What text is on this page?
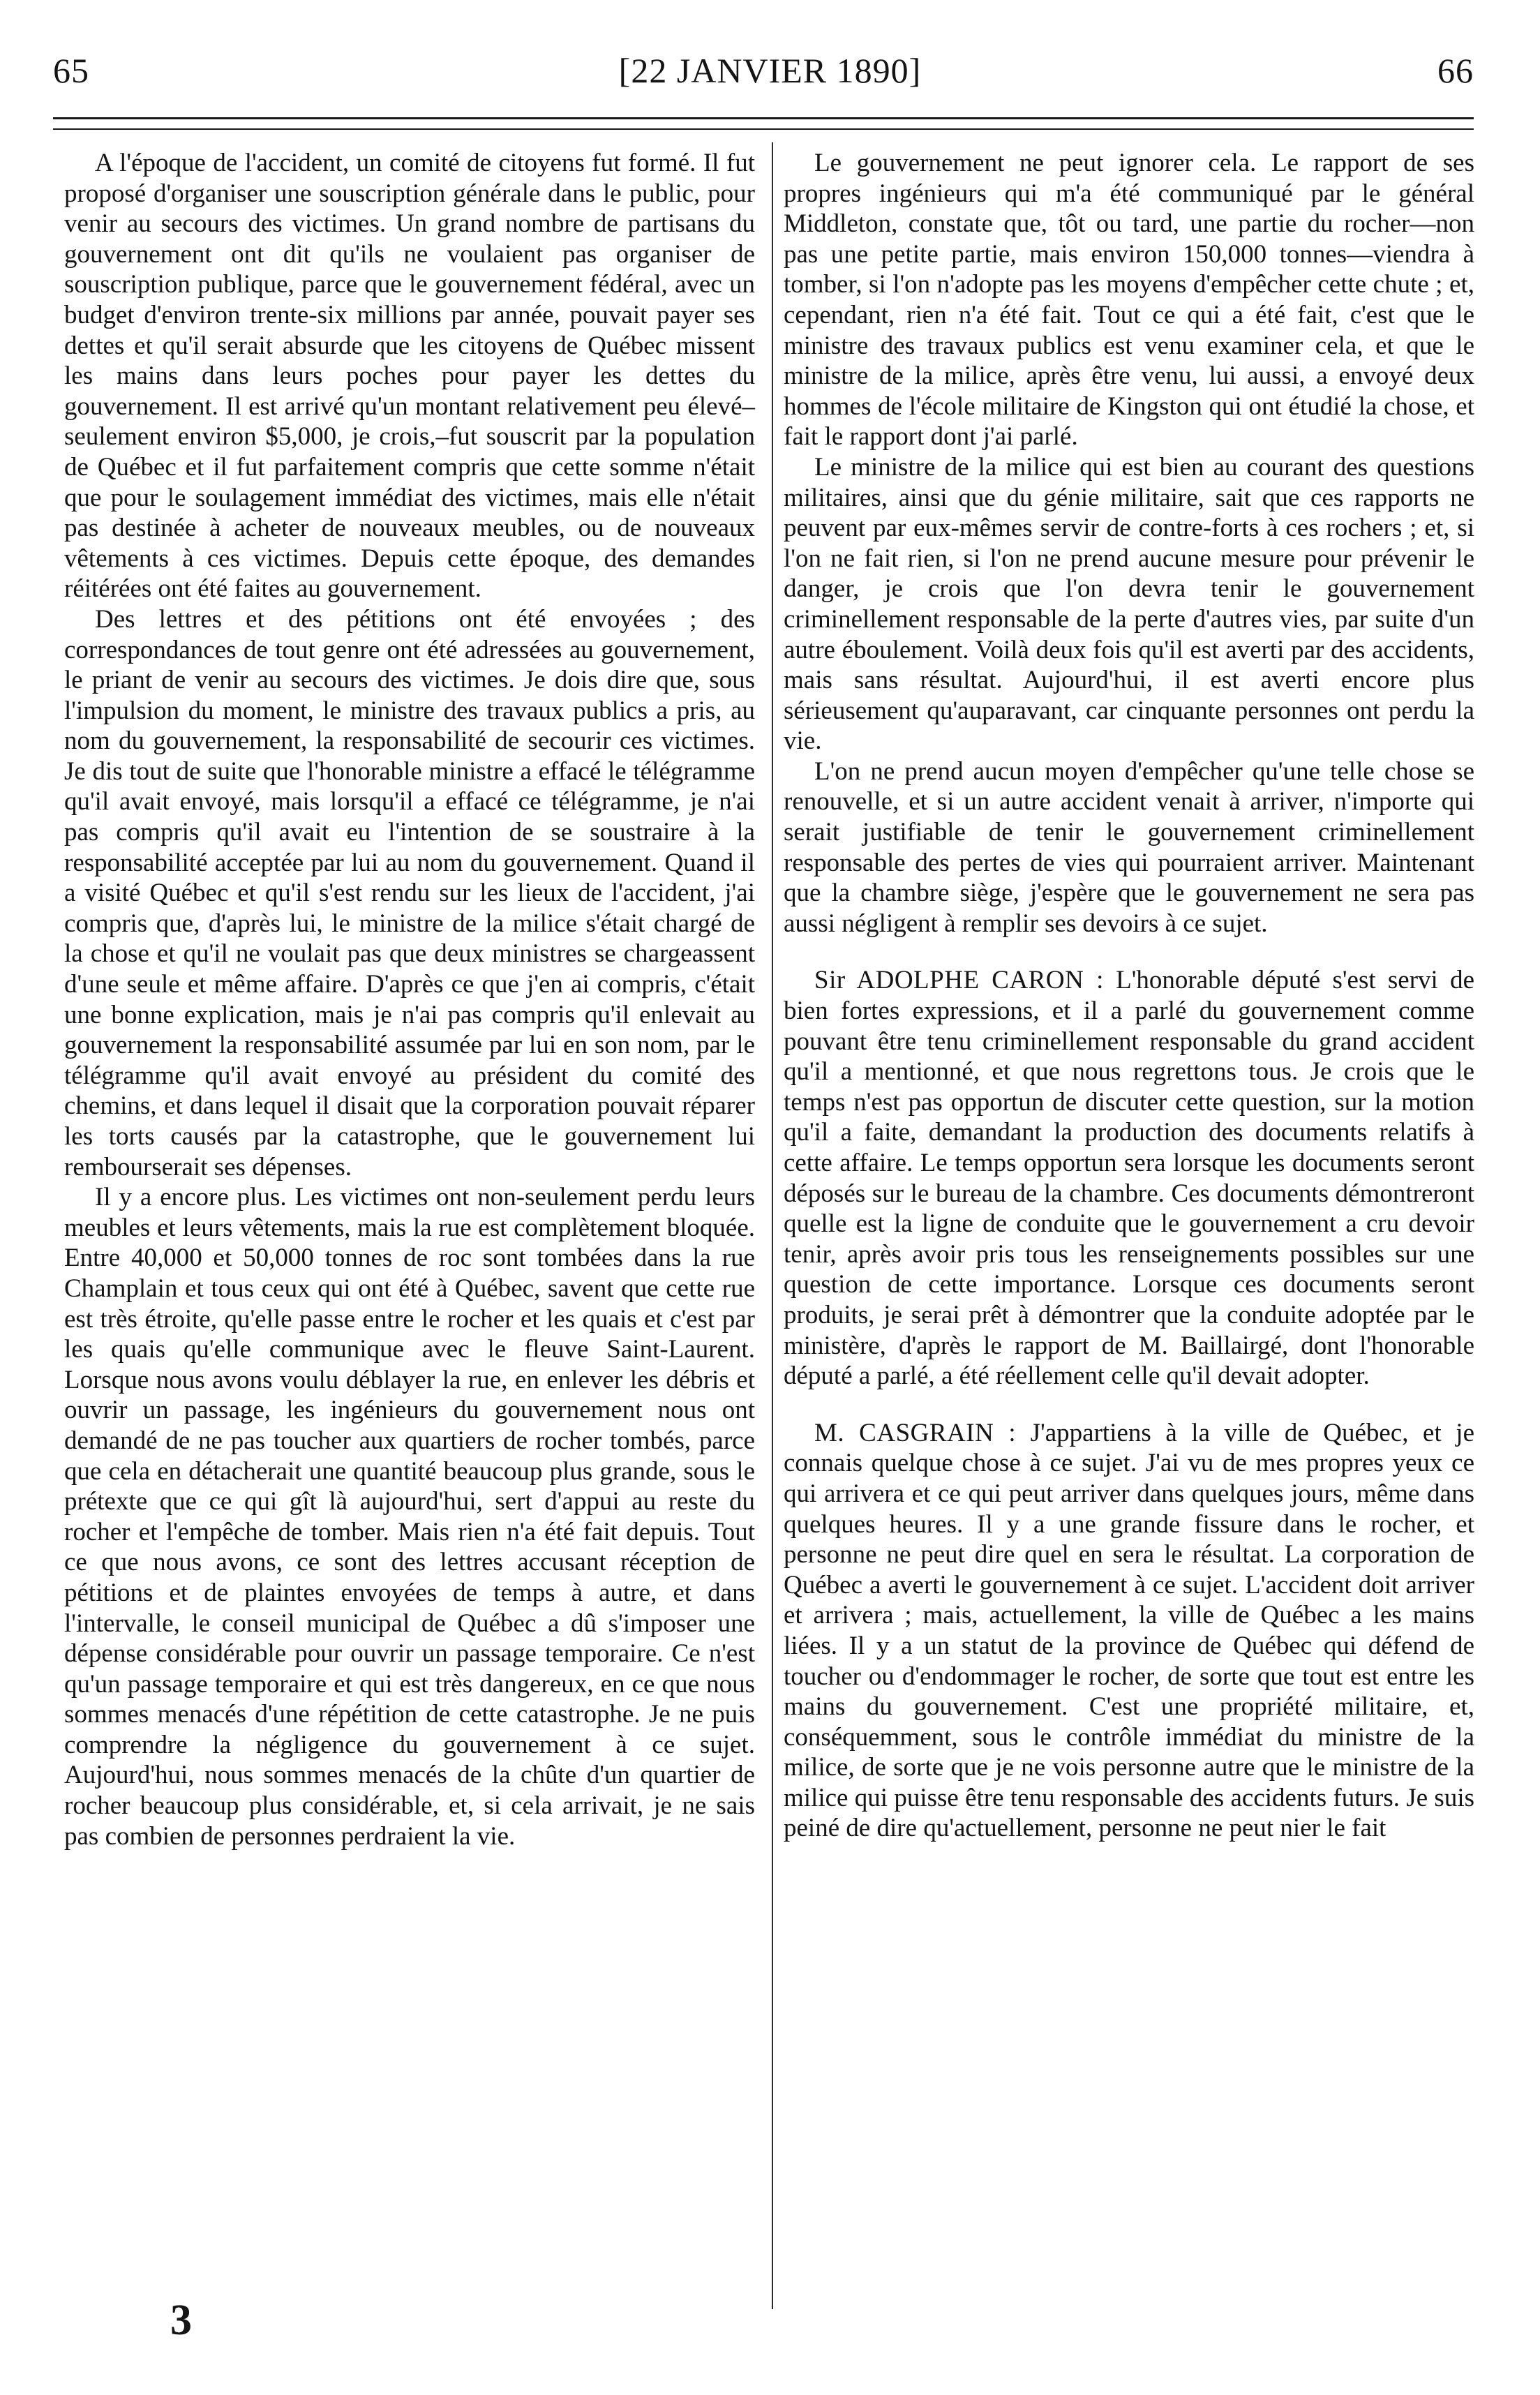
65	[22 JANVIER 1890]	66

A l'époque de l'accident, un comité de citoyens fut formé. Il fut proposé d'organiser une souscription générale dans le public, pour venir au secours des victimes. Un grand nombre de partisans du gouvernement ont dit qu'ils ne voulaient pas organiser de souscription publique, parce que le gouvernement fédéral, avec un budget d'environ trente-six millions par année, pouvait payer ses dettes et qu'il serait absurde que les citoyens de Québec missent les mains dans leurs poches pour payer les dettes du gouvernement. Il est arrivé qu'un montant relativement peu élevé–seulement environ $5,000, je crois,–fut souscrit par la population de Québec et il fut parfaitement compris que cette somme n'était que pour le soulagement immédiat des victimes, mais elle n'était pas destinée à acheter de nouveaux meubles, ou de nouveaux vêtements à ces victimes. Depuis cette époque, des demandes réitérées ont été faites au gouvernement.

Des lettres et des pétitions ont été envoyées ; des correspondances de tout genre ont été adressées au gouvernement, le priant de venir au secours des victimes. Je dois dire que, sous l'impulsion du moment, le ministre des travaux publics a pris, au nom du gouvernement, la responsabilité de secourir ces victimes. Je dis tout de suite que l'honorable ministre a effacé le télégramme qu'il avait envoyé, mais lorsqu'il a effacé ce télégramme, je n'ai pas compris qu'il avait eu l'intention de se soustraire à la responsabilité acceptée par lui au nom du gouvernement. Quand il a visité Québec et qu'il s'est rendu sur les lieux de l'accident, j'ai compris que, d'après lui, le ministre de la milice s'était chargé de la chose et qu'il ne voulait pas que deux ministres se chargeassent d'une seule et même affaire. D'après ce que j'en ai compris, c'était une bonne explication, mais je n'ai pas compris qu'il enlevait au gouvernement la responsabilité assumée par lui en son nom, par le télégramme qu'il avait envoyé au président du comité des chemins, et dans lequel il disait que la corporation pouvait réparer les torts causés par la catastrophe, que le gouvernement lui rembourserait ses dépenses.

Il y a encore plus. Les victimes ont non-seulement perdu leurs meubles et leurs vêtements, mais la rue est complètement bloquée. Entre 40,000 et 50,000 tonnes de roc sont tombées dans la rue Champlain et tous ceux qui ont été à Québec, savent que cette rue est très étroite, qu'elle passe entre le rocher et les quais et c'est par les quais qu'elle communique avec le fleuve Saint-Laurent. Lorsque nous avons voulu déblayer la rue, en enlever les débris et ouvrir un passage, les ingénieurs du gouvernement nous ont demandé de ne pas toucher aux quartiers de rocher tombés, parce que cela en détacherait une quantité beaucoup plus grande, sous le prétexte que ce qui gît là aujourd'hui, sert d'appui au reste du rocher et l'empêche de tomber. Mais rien n'a été fait depuis. Tout ce que nous avons, ce sont des lettres accusant réception de pétitions et de plaintes envoyées de temps à autre, et dans l'intervalle, le conseil municipal de Québec a dû s'imposer une dépense considérable pour ouvrir un passage temporaire. Ce n'est qu'un passage temporaire et qui est très dangereux, en ce que nous sommes menacés d'une répétition de cette catastrophe. Je ne puis comprendre la négligence du gouvernement à ce sujet. Aujourd'hui, nous sommes menacés de la chûte d'un quartier de rocher beaucoup plus considérable, et, si cela arrivait, je ne sais pas combien de personnes perdraient la vie.

Le gouvernement ne peut ignorer cela. Le rapport de ses propres ingénieurs qui m'a été communiqué par le général Middleton, constate que, tôt ou tard, une partie du rocher—non pas une petite partie, mais environ 150,000 tonnes—viendra à tomber, si l'on n'adopte pas les moyens d'empêcher cette chute ; et, cependant, rien n'a été fait. Tout ce qui a été fait, c'est que le ministre des travaux publics est venu examiner cela, et que le ministre de la milice, après être venu, lui aussi, a envoyé deux hommes de l'école militaire de Kingston qui ont étudié la chose, et fait le rapport dont j'ai parlé.

Le ministre de la milice qui est bien au courant des questions militaires, ainsi que du génie militaire, sait que ces rapports ne peuvent par eux-mêmes servir de contre-forts à ces rochers ; et, si l'on ne fait rien, si l'on ne prend aucune mesure pour prévenir le danger, je crois que l'on devra tenir le gouvernement criminellement responsable de la perte d'autres vies, par suite d'un autre éboulement. Voilà deux fois qu'il est averti par des accidents, mais sans résultat. Aujourd'hui, il est averti encore plus sérieusement qu'auparavant, car cinquante personnes ont perdu la vie.

L'on ne prend aucun moyen d'empêcher qu'une telle chose se renouvelle, et si un autre accident venait à arriver, n'importe qui serait justifiable de tenir le gouvernement criminellement responsable des pertes de vies qui pourraient arriver. Maintenant que la chambre siège, j'espère que le gouvernement ne sera pas aussi négligent à remplir ses devoirs à ce sujet.

Sir ADOLPHE CARON : L'honorable député s'est servi de bien fortes expressions, et il a parlé du gouvernement comme pouvant être tenu criminellement responsable du grand accident qu'il a mentionné, et que nous regrettons tous. Je crois que le temps n'est pas opportun de discuter cette question, sur la motion qu'il a faite, demandant la production des documents relatifs à cette affaire. Le temps opportun sera lorsque les documents seront déposés sur le bureau de la chambre. Ces documents démontreront quelle est la ligne de conduite que le gouvernement a cru devoir tenir, après avoir pris tous les renseignements possibles sur une question de cette importance. Lorsque ces documents seront produits, je serai prêt à démontrer que la conduite adoptée par le ministère, d'après le rapport de M. Baillairgé, dont l'honorable député a parlé, a été réellement celle qu'il devait adopter.

M. CASGRAIN : J'appartiens à la ville de Québec, et je connais quelque chose à ce sujet. J'ai vu de mes propres yeux ce qui arrivera et ce qui peut arriver dans quelques jours, même dans quelques heures. Il y a une grande fissure dans le rocher, et personne ne peut dire quel en sera le résultat. La corporation de Québec a averti le gouvernement à ce sujet. L'accident doit arriver et arrivera ; mais, actuellement, la ville de Québec a les mains liées. Il y a un statut de la province de Québec qui défend de toucher ou d'endommager le rocher, de sorte que tout est entre les mains du gouvernement. C'est une propriété militaire, et, conséquemment, sous le contrôle immédiat du ministre de la milice, de sorte que je ne vois personne autre que le ministre de la milice qui puisse être tenu responsable des accidents futurs. Je suis peiné de dire qu'actuellement, personne ne peut nier le fait

3
